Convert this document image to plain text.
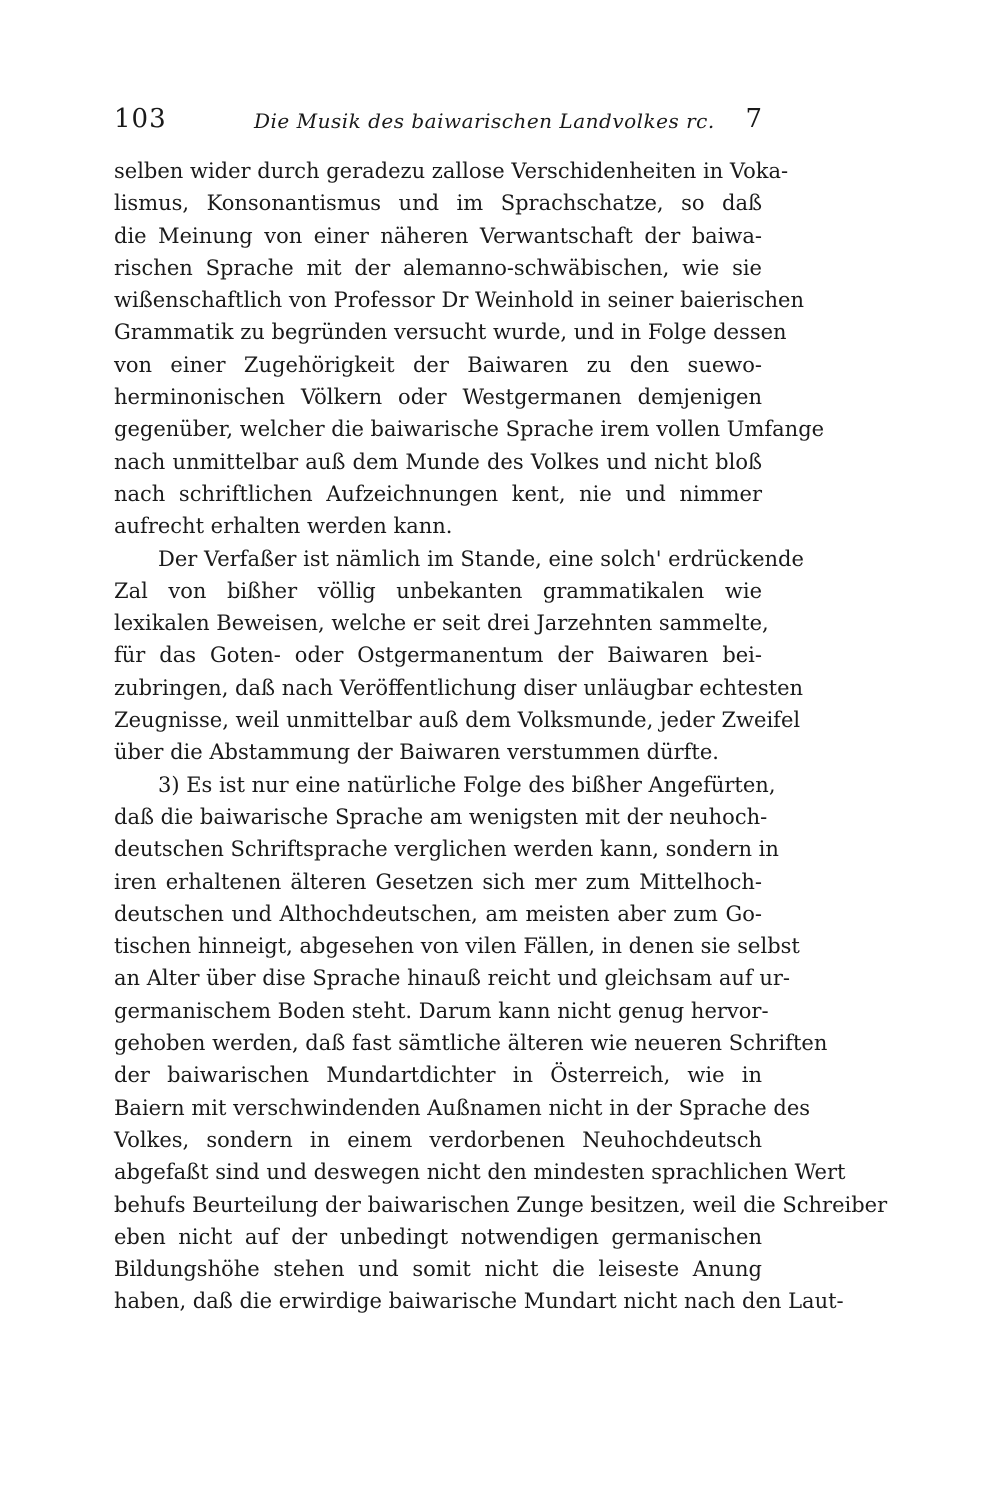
103	Die Musik des baiwarischen Landvolkes rc. 7
selben wider durch geradezu zallose Verschidenheiten in Voka-
lismus, Konsonantismus und im Sprachschatze, so daß
die Meinung von einer näheren Verwantschaft der baiwa-
rischen Sprache mit der alemanno-schwäbischen, wie sie
wißenschaftlich von Professor Dr Weinhold in seiner baierischen
Grammatik zu begründen versucht wurde, und in Folge dessen
von einer Zugehörigkeit der Baiwaren zu den suewo-
herminonischen Völkern oder Westgermanen demjenigen
gegenüber, welcher die baiwarische Sprache irem vollen Umfange
nach unmittelbar auß dem Munde des Volkes und nicht bloß
nach schriftlichen Aufzeichnungen kent, nie und nimmer
aufrecht erhalten werden kann.
Der Verfaßer ist nämlich im Stande, eine solch' erdrückende
Zal von bißher völlig unbekanten grammatikalen wie
lexikalen Beweisen, welche er seit drei Jarzehnten sammelte,
für das Goten- oder Ostgermanentum der Baiwaren bei-
zubringen, daß nach Veröffentlichung diser unläugbar echtesten
Zeugnisse, weil unmittelbar auß dem Volksmunde, jeder Zweifel
über die Abstammung der Baiwaren verstummen dürfte.
3) Es ist nur eine natürliche Folge des bißher Angefürten,
daß die baiwarische Sprache am wenigsten mit der neuhoch-
deutschen Schriftsprache verglichen werden kann, sondern in
iren erhaltenen älteren Gesetzen sich mer zum Mittelhoch-
deutschen und Althochdeutschen, am meisten aber zum Go-
tischen hinneigt, abgesehen von vilen Fällen, in denen sie selbst
an Alter über dise Sprache hinauß reicht und gleichsam auf ur-
germanischem Boden steht. Darum kann nicht genug hervor-
gehoben werden, daß fast sämtliche älteren wie neueren Schriften
der baiwarischen Mundartdichter in Österreich, wie in
Baiern mit verschwindenden Außnamen nicht in der Sprache des
Volkes, sondern in einem verdorbenen Neuhochdeutsch
abgefaßt sind und deswegen nicht den mindesten sprachlichen Wert
behufs Beurteilung der baiwarischen Zunge besitzen, weil die Schreiber
eben nicht auf der unbedingt notwendigen germanischen
Bildungshöhe stehen und somit nicht die leiseste Anung
haben, daß die erwirdige baiwarische Mundart nicht nach den Laut-
